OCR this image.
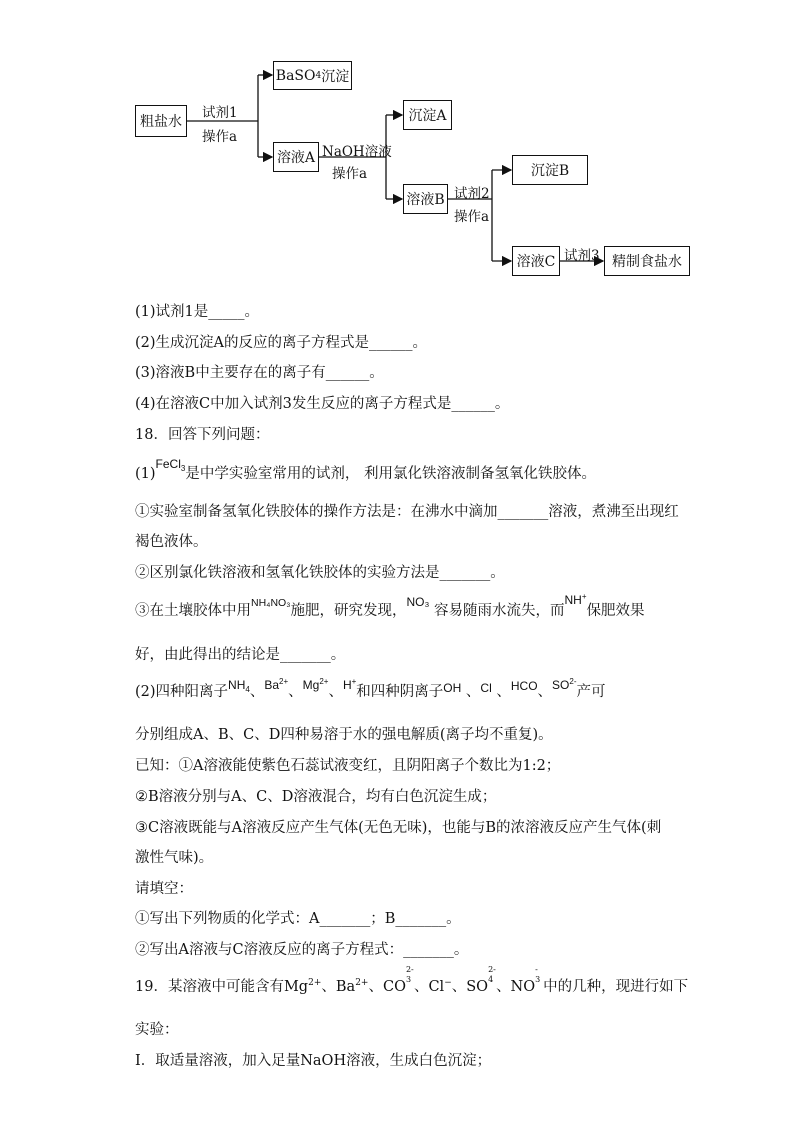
粗盐水
BaSO 4 沉淀
溶液A
沉淀A
溶液B
沉淀B
溶液C	精制食盐水
试剂1
操作a
NaOH溶液
操作a
试剂2
操作a
试剂3
(1)试剂1是_____。
(2)生成沉淀A的反应的离子方程式是______。
(3)溶液B中主要存在的离子有______。
(4)在溶液C中加入试剂3发生反应的离子方程式是______。
18．回答下列问题：
$(1)^{FeCl_3}$是中学实验室常用的试剂， 利用氯化铁溶液制备氢氧化铁胶体。
①实验室制备氢氧化铁胶体的操作方法是：在沸水中滴加_______溶液，煮沸至出现红
褐色液体。
②区别氯化铁溶液和氢氧化铁胶体的实验方法是_______。
③在土壤胶体中用$^{NH_4NO_3}$施肥，研究发现，$^{NO_3}$ 容易随雨水流失，而$^{NH^+}$保肥效果
好，由此得出的结论是_______。
(2)四种阳离子$^{NH_4}$、$^{Ba^{2+}}$、$^{Mg^{2+}}$、$^{H^+}$和四种阴离子$^{OH}$ 、$^{Cl}$ 、$^{HCO}$、$^{SO^{2-}}$产可
分别组成A、B、C、D四种易溶于水的强电解质(离子均不重复)。
已知：①A溶液能使紫色石蕊试液变红，且阴阳离子个数比为1:2；
②B溶液分别与A、C、D溶液混合，均有白色沉淀生成；
③C溶液既能与A溶液反应产生气体(无色无味)，也能与B的浓溶液反应产生气体(刺
激性气味)。
请填空：
①写出下列物质的化学式：A_______；B_______。
②写出A溶液与C溶液反应的离子方程式：_______。
19．某溶液中可能含有$Mg^{2+}$、$Ba^{2+}$、CO
2-
3 、Cl−、SO
2-
4 、NO
-
3 中的几种，现进行如下
实验：
Ⅰ．取适量溶液，加入足量NaOH溶液，生成白色沉淀；
